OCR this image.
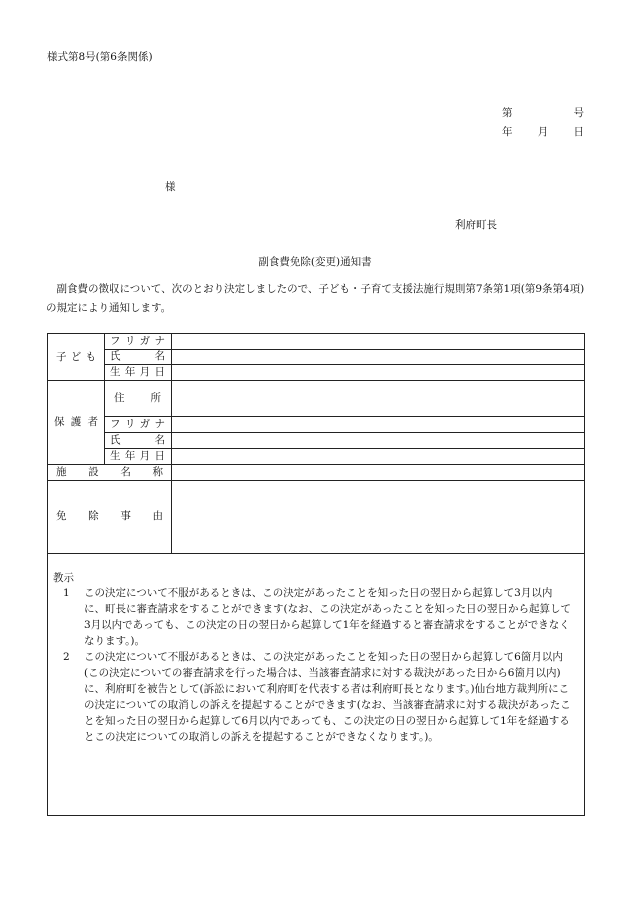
様式第8号(第6条関係)
第	号
年 月 日
様
利府町長
副食費免除(変更)通知書
副食費の徴収について、次のとおり決定しましたので、子ども・子育て支援法施行規則第7条第1項(第9条第4項)の規定により通知します。
子 ど も
フ リ ガ ナ
氏	名
生 年 月 日
保 護 者
住 所
フ リ ガ ナ
氏	名
生 年 月 日
施 設 名 称
免 除 事 由
教示
1	この決定について不服があるときは、この決定があったことを知った日の翌日から起算して3月以内に、町長に審査請求をすることができます(なお、この決定があったことを知った日の翌日から起算して3月以内であっても、この決定の日の翌日から起算して1年を経過すると審査請求をすることができなくなります。)。
2	この決定について不服があるときは、この決定があったことを知った日の翌日から起算して6箇月以内(この決定についての審査請求を行った場合は、当該審査請求に対する裁決があった日から6箇月以内)に、利府町を被告として(訴訟において利府町を代表する者は利府町長となります。)仙台地方裁判所にこの決定についての取消しの訴えを提起することができます(なお、当該審査請求に対する裁決があったことを知った日の翌日から起算して6月以内であっても、この決定の日の翌日から起算して1年を経過するとこの決定についての取消しの訴えを提起することができなくなります。)。
